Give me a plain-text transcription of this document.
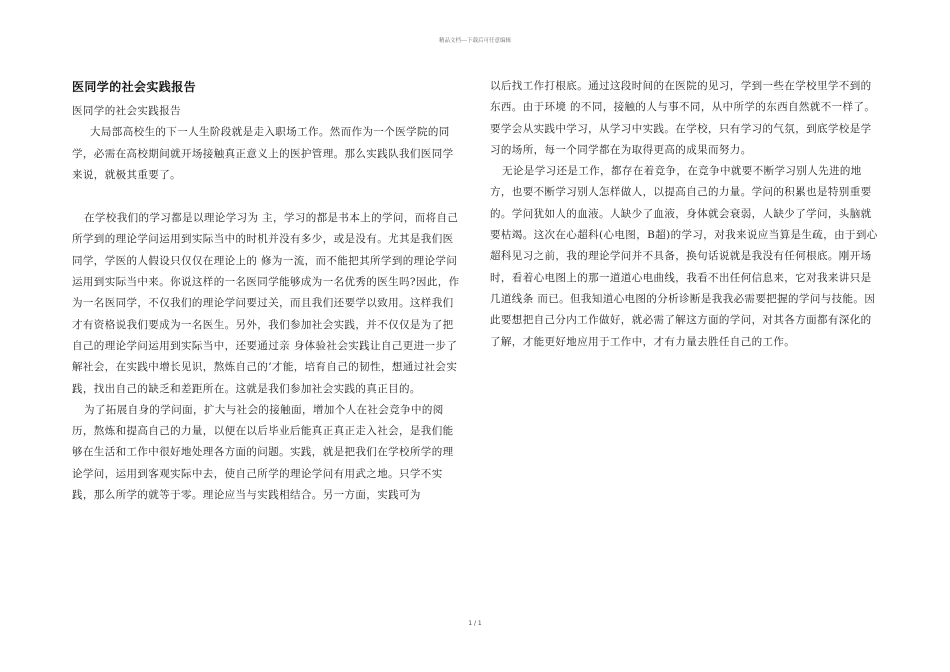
精品文档---下载后可任意编辑
医同学的社会实践报告
医同学的社会实践报告

大局部高校生的下一人生阶段就是走入职场工作。然而作为一个医学院的同学，必需在高校期间就开场接触真正意义上的医护管理。那么实践队我们医同学来说，就极其重要了。

在学校我们的学习都是以理论学习为 主，学习的都是书本上的学问，而将自己所学到的理论学问运用到实际当中的时机并没有多少，或是没有。尤其是我们医同学，学医的人假设只仅仅在理论上的 修为一流，而不能把其所学到的理论学问运用到实际当中来。你说这样的一名医同学能够成为一名优秀的医生吗?因此，作为一名医同学，不仅我们的理论学问要过关，而且我们还要学以致用。这样我们才有资格说我们要成为一名医生。另外，我们参加社会实践，并不仅仅是为了把自己的理论学问运用到实际当中，还要通过亲 身体验社会实践让自己更进一步了解社会，在实践中增长见识，熬炼自己的’才能，培育自己的韧性，想通过社会实践，找出自己的缺乏和差距所在。这就是我们参加社会实践的真正目的。

为了拓展自身的学问面，扩大与社会的接触面，增加个人在社会竞争中的阅历，熬炼和提高自己的力量，以便在以后毕业后能真正真正走入社会，是我们能够在生活和工作中很好地处理各方面的问题。实践，就是把我们在学校所学的理论学问，运用到客观实际中去，使自己所学的理论学问有用武之地。只学不实践，那么所学的就等于零。理论应当与实践相结合。另一方面，实践可为

以后找工作打根底。通过这段时间的在医院的见习，学到一些在学校里学不到的东西。由于环境 的不同，接触的人与事不同，从中所学的东西自然就不一样了。要学会从实践中学习，从学习中实践。在学校，只有学习的气氛，到底学校是学习的场所，每一个同学都在为取得更高的成果而努力。

无论是学习还是工作，都存在着竞争，在竞争中就要不断学习别人先进的地方，也要不断学习别人怎样做人，以提高自己的力量。学问的积累也是特别重要的。学问犹如人的血液。人缺少了血液，身体就会衰弱，人缺少了学问，头脑就要枯竭。这次在心超科(心电图，B超)的学习，对我来说应当算是生疏，由于到心超科见习之前，我的理论学问并不具备，换句话说就是我没有任何根底。刚开场时，看着心电图上的那一道道心电曲线，我看不出任何信息来，它对我来讲只是几道线条 而已。但我知道心电图的分析诊断是我我必需要把握的学问与技能。因此要想把自己分内工作做好，就必需了解这方面的学问，对其各方面都有深化的了解，才能更好地应用于工作中，才有力量去胜任自己的工作。

1 / 1
